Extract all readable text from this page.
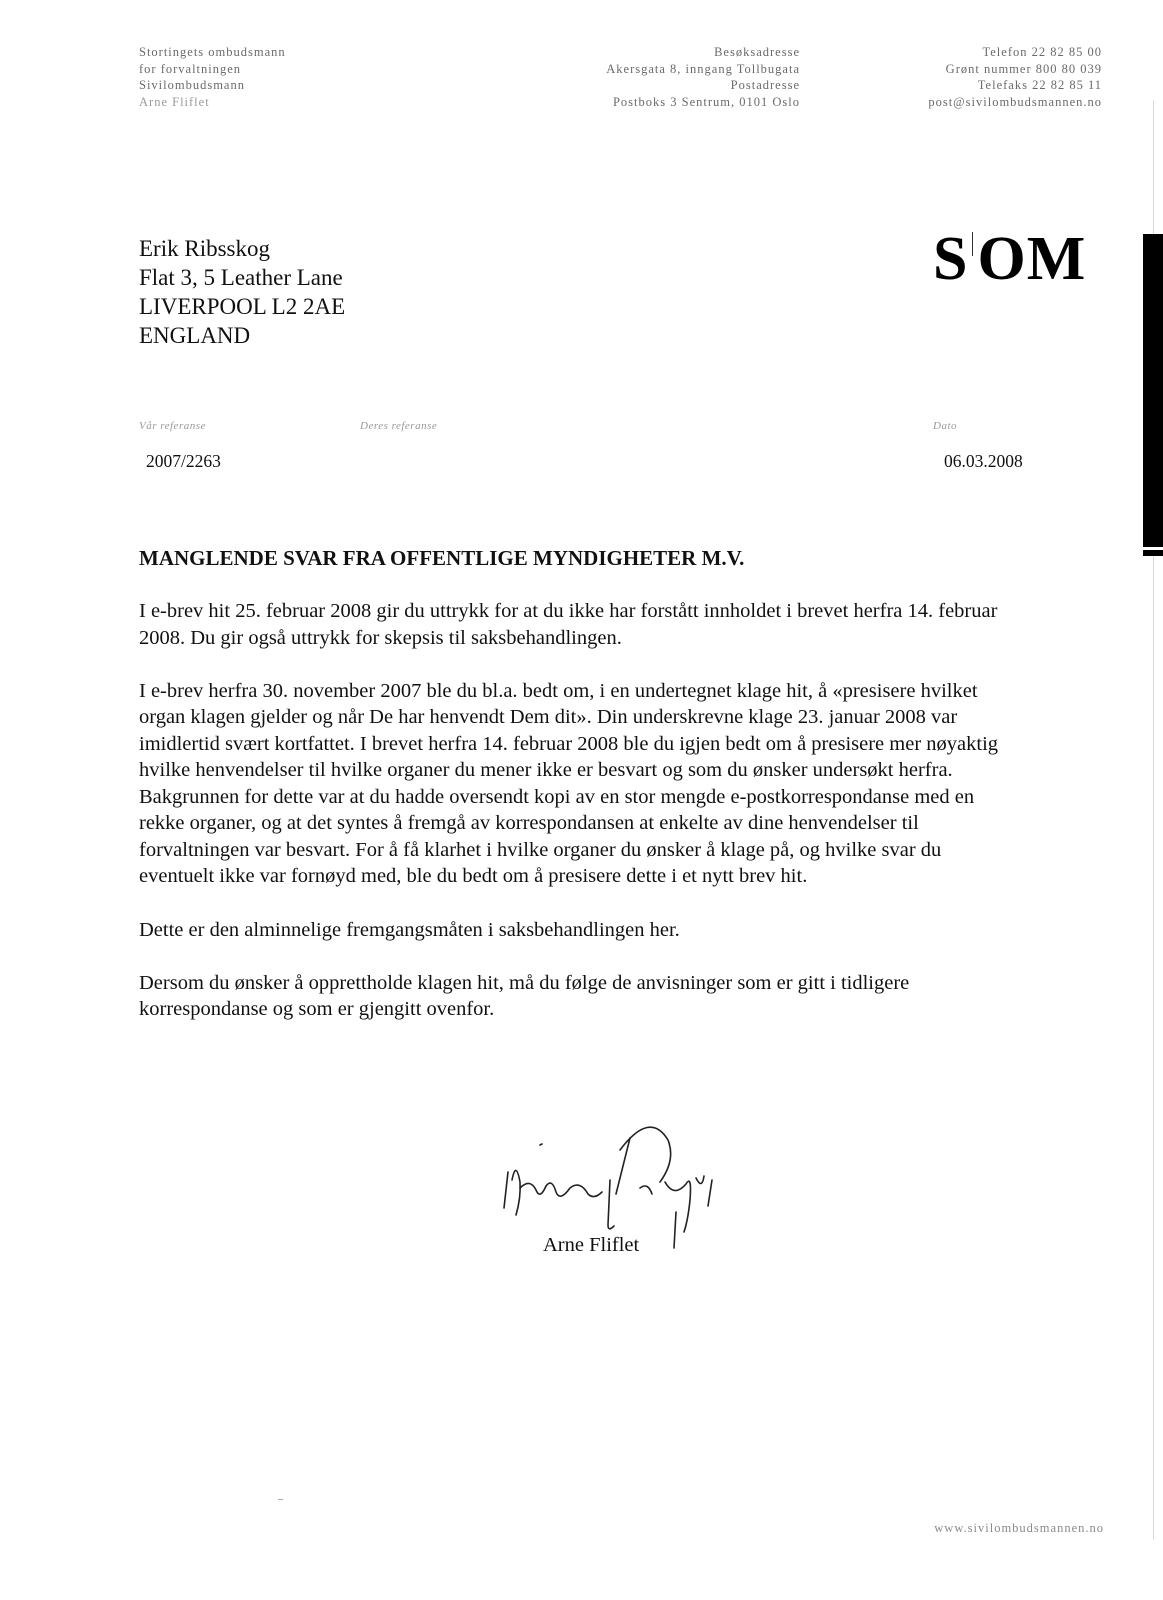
Stortingets ombudsmann
for forvaltningen
Sivilombudsmann
Arne Fliflet
Besøksadresse
Akersgata 8, inngang Tollbugata
Postadresse
Postboks 3 Sentrum, 0101 Oslo
Telefon 22 82 85 00
Grønt nummer 800 80 039
Telefaks 22 82 85 11
post@sivilombudsmannen.no
Erik Ribsskog
Flat 3, 5 Leather Lane
LIVERPOOL L2 2AE
ENGLAND
S OM
Vår referanse
2007/2263
Deres referanse	Dato
06.03.2008
MANGLENDE SVAR FRA OFFENTLIGE MYNDIGHETER M.V.

I e-brev hit 25. februar 2008 gir du uttrykk for at du ikke har forstått innholdet i brevet herfra 14. februar 2008. Du gir også uttrykk for skepsis til saksbehandlingen.

I e-brev herfra 30. november 2007 ble du bl.a. bedt om, i en undertegnet klage hit, å «presisere hvilket organ klagen gjelder og når De har henvendt Dem dit». Din underskrevne klage 23. januar 2008 var imidlertid svært kortfattet. I brevet herfra 14. februar 2008 ble du igjen bedt om å presisere mer nøyaktig hvilke henvendelser til hvilke organer du mener ikke er besvart og som du ønsker undersøkt herfra. Bakgrunnen for dette var at du hadde oversendt kopi av en stor mengde e-postkorrespondanse med en rekke organer, og at det syntes å fremgå av korrespondansen at enkelte av dine henvendelser til forvaltningen var besvart. For å få klarhet i hvilke organer du ønsker å klage på, og hvilke svar du eventuelt ikke var fornøyd med, ble du bedt om å presisere dette i et nytt brev hit.

Dette er den alminnelige fremgangsmåten i saksbehandlingen her.

Dersom du ønsker å opprettholde klagen hit, må du følge de anvisninger som er gitt i tidligere korrespondanse og som er gjengitt ovenfor.

Arne Fliflet
www.sivilombudsmannen.no
